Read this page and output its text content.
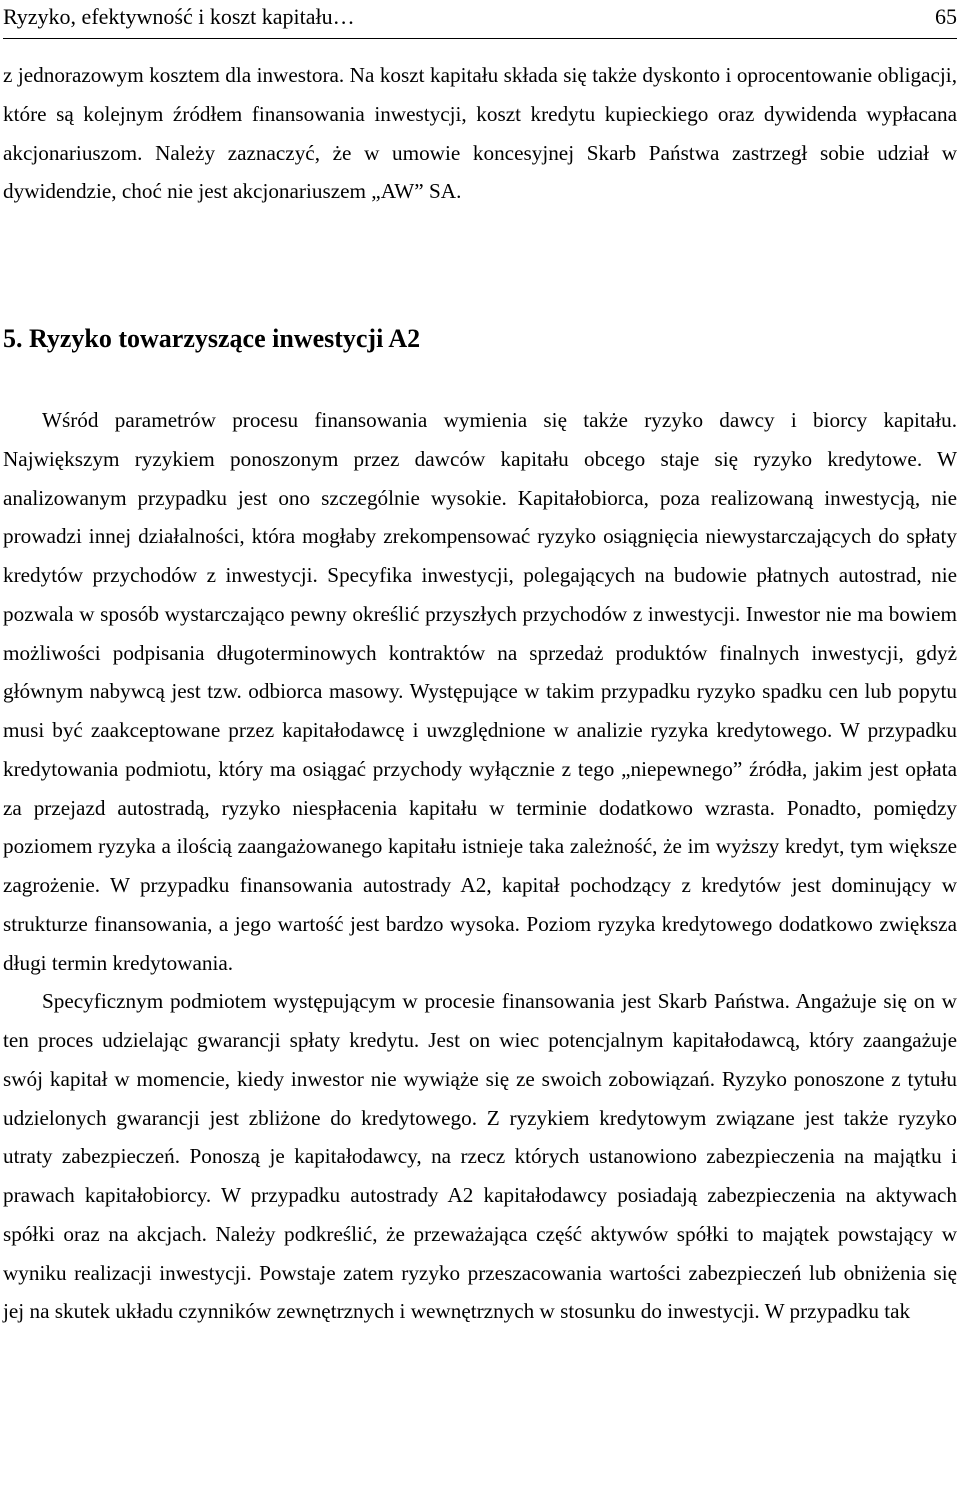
Ryzyko, efektywność i koszt kapitału…	65

z jednorazowym kosztem dla inwestora. Na koszt kapitału składa się także dyskonto i oprocentowanie obligacji, które są kolejnym źródłem finansowania inwestycji, koszt kredytu kupieckiego oraz dywidenda wypłacana akcjonariuszom. Należy zaznaczyć, że w umowie koncesyjnej Skarb Państwa zastrzegł sobie udział w dywidendzie, choć nie jest akcjonariuszem „AW” SA.

5. Ryzyko towarzyszące inwestycji A2

Wśród parametrów procesu finansowania wymienia się także ryzyko dawcy i biorcy kapitału. Największym ryzykiem ponoszonym przez dawców kapitału obcego staje się ryzyko kredytowe. W analizowanym przypadku jest ono szczególnie wysokie. Kapitałobiorca, poza realizowaną inwestycją, nie prowadzi innej działalności, która mogłaby zrekompensować ryzyko osiągnięcia niewystarczających do spłaty kredytów przychodów z inwestycji. Specyfika inwestycji, polegających na budowie płatnych autostrad, nie pozwala w sposób wystarczająco pewny określić przyszłych przychodów z inwestycji. Inwestor nie ma bowiem możliwości podpisania długoterminowych kontraktów na sprzedaż produktów finalnych inwestycji, gdyż głównym nabywcą jest tzw. odbiorca masowy. Występujące w takim przypadku ryzyko spadku cen lub popytu musi być zaakceptowane przez kapitałodawcę i uwzględnione w analizie ryzyka kredytowego. W przypadku kredytowania podmiotu, który ma osiągać przychody wyłącznie z tego „niepewnego” źródła, jakim jest opłata za przejazd autostradą, ryzyko niespłacenia kapitału w terminie dodatkowo wzrasta. Ponadto, pomiędzy poziomem ryzyka a ilością zaangażowanego kapitału istnieje taka zależność, że im wyższy kredyt, tym większe zagrożenie. W przypadku finansowania autostrady A2, kapitał pochodzący z kredytów jest dominujący w strukturze finansowania, a jego wartość jest bardzo wysoka. Poziom ryzyka kredytowego dodatkowo zwiększa długi termin kredytowania.

Specyficznym podmiotem występującym w procesie finansowania jest Skarb Państwa. Angażuje się on w ten proces udzielając gwarancji spłaty kredytu. Jest on wiec potencjalnym kapitałodawcą, który zaangażuje swój kapitał w momencie, kiedy inwestor nie wywiąże się ze swoich zobowiązań. Ryzyko ponoszone z tytułu udzielonych gwarancji jest zbliżone do kredytowego. Z ryzykiem kredytowym związane jest także ryzyko utraty zabezpieczeń. Ponoszą je kapitałodawcy, na rzecz których ustanowiono zabezpieczenia na majątku i prawach kapitałobiorcy. W przypadku autostrady A2 kapitałodawcy posiadają zabezpieczenia na aktywach spółki oraz na akcjach. Należy podkreślić, że przeważająca część aktywów spółki to majątek powstający w wyniku realizacji inwestycji. Powstaje zatem ryzyko przeszacowania wartości zabezpieczeń lub obniżenia się jej na skutek układu czynników zewnętrznych i wewnętrznych w stosunku do inwestycji. W przypadku tak
